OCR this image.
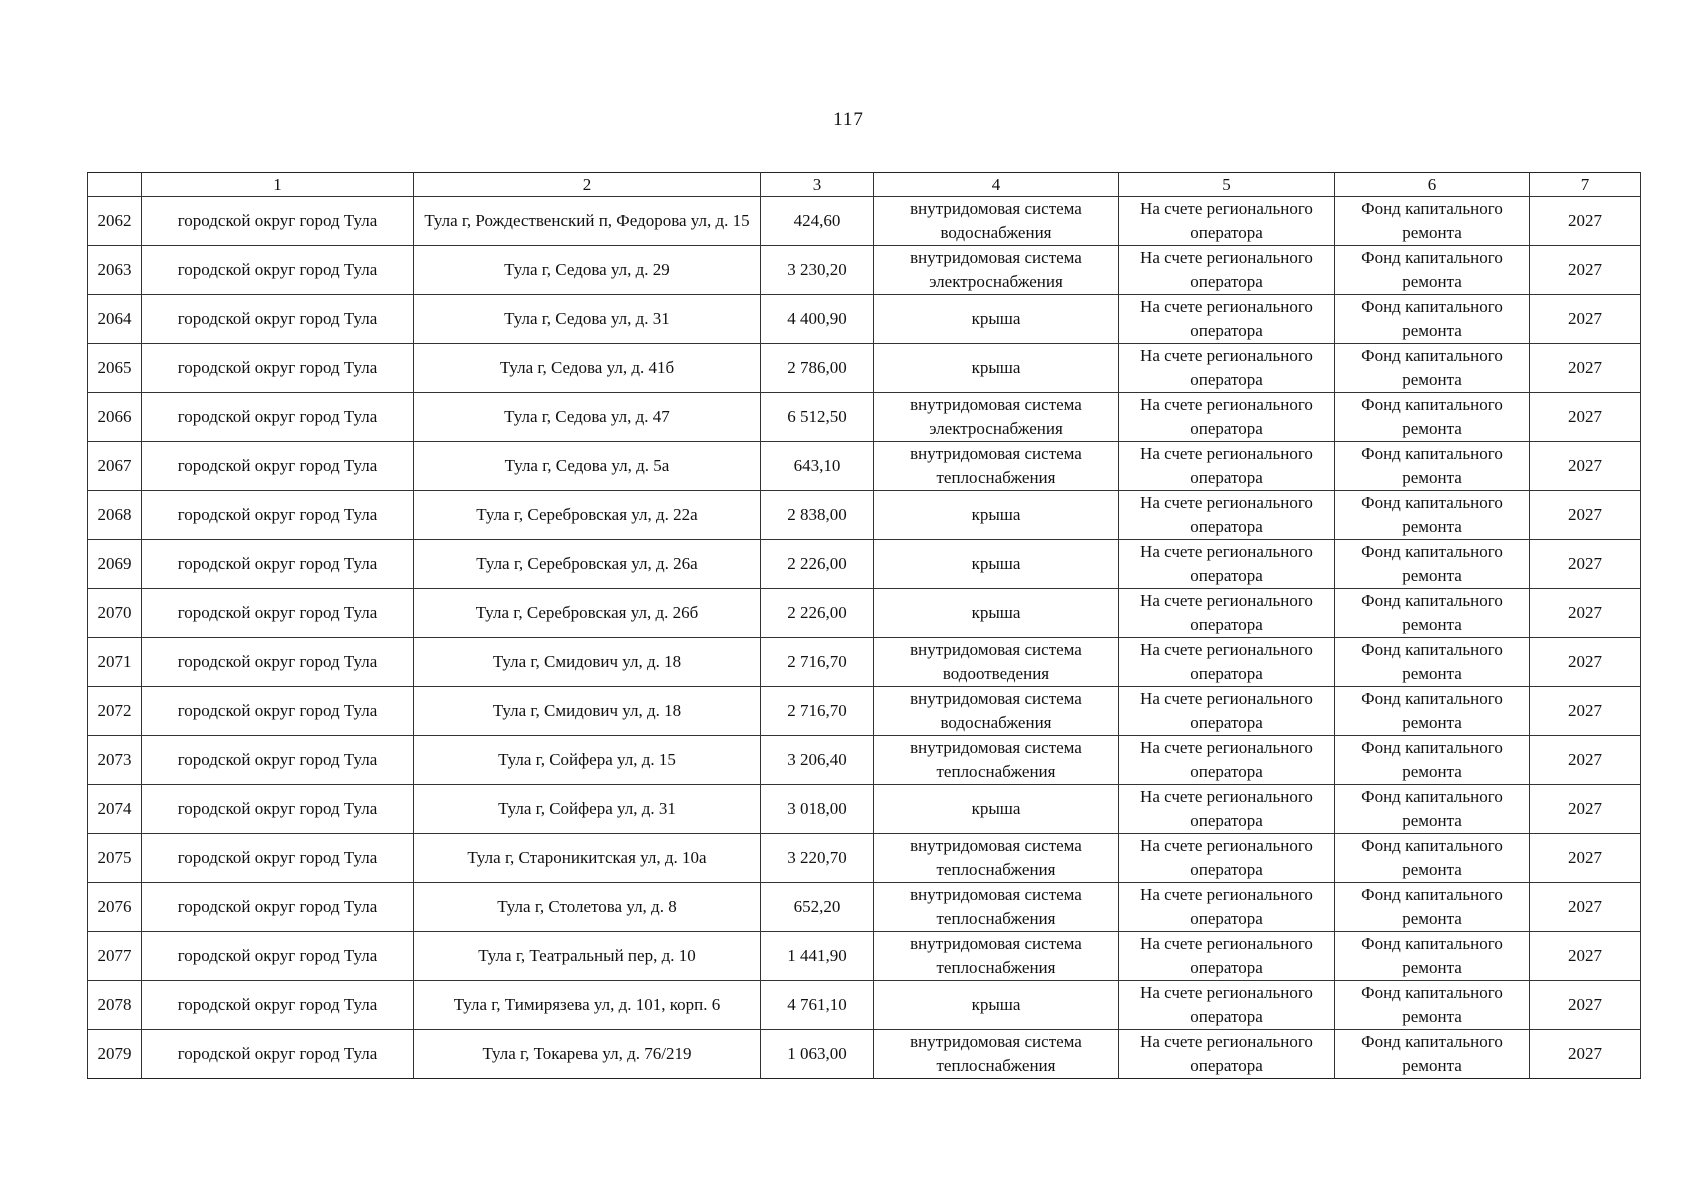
117
	1	2	3	4	5	6	7
2062	городской округ город Тула	Тула г, Рождественский п, Федорова ул, д. 15	424,60	внутридомовая система водоснабжения	На счете регионального оператора	Фонд капитального ремонта	2027
2063	городской округ город Тула	Тула г, Седова ул, д. 29	3 230,20	внутридомовая система электроснабжения	На счете регионального оператора	Фонд капитального ремонта	2027
2064	городской округ город Тула	Тула г, Седова ул, д. 31	4 400,90	крыша	На счете регионального оператора	Фонд капитального ремонта	2027
2065	городской округ город Тула	Тула г, Седова ул, д. 41б	2 786,00	крыша	На счете регионального оператора	Фонд капитального ремонта	2027
2066	городской округ город Тула	Тула г, Седова ул, д. 47	6 512,50	внутридомовая система электроснабжения	На счете регионального оператора	Фонд капитального ремонта	2027
2067	городской округ город Тула	Тула г, Седова ул, д. 5а	643,10	внутридомовая система теплоснабжения	На счете регионального оператора	Фонд капитального ремонта	2027
2068	городской округ город Тула	Тула г, Серебровская ул, д. 22а	2 838,00	крыша	На счете регионального оператора	Фонд капитального ремонта	2027
2069	городской округ город Тула	Тула г, Серебровская ул, д. 26а	2 226,00	крыша	На счете регионального оператора	Фонд капитального ремонта	2027
2070	городской округ город Тула	Тула г, Серебровская ул, д. 26б	2 226,00	крыша	На счете регионального оператора	Фонд капитального ремонта	2027
2071	городской округ город Тула	Тула г, Смидович ул, д. 18	2 716,70	внутридомовая система водоотведения	На счете регионального оператора	Фонд капитального ремонта	2027
2072	городской округ город Тула	Тула г, Смидович ул, д. 18	2 716,70	внутридомовая система водоснабжения	На счете регионального оператора	Фонд капитального ремонта	2027
2073	городской округ город Тула	Тула г, Сойфера ул, д. 15	3 206,40	внутридомовая система теплоснабжения	На счете регионального оператора	Фонд капитального ремонта	2027
2074	городской округ город Тула	Тула г, Сойфера ул, д. 31	3 018,00	крыша	На счете регионального оператора	Фонд капитального ремонта	2027
2075	городской округ город Тула	Тула г, Староникитская ул, д. 10а	3 220,70	внутридомовая система теплоснабжения	На счете регионального оператора	Фонд капитального ремонта	2027
2076	городской округ город Тула	Тула г, Столетова ул, д. 8	652,20	внутридомовая система теплоснабжения	На счете регионального оператора	Фонд капитального ремонта	2027
2077	городской округ город Тула	Тула г, Театральный пер, д. 10	1 441,90	внутридомовая система теплоснабжения	На счете регионального оператора	Фонд капитального ремонта	2027
2078	городской округ город Тула	Тула г, Тимирязева ул, д. 101, корп. 6	4 761,10	крыша	На счете регионального оператора	Фонд капитального ремонта	2027
2079	городской округ город Тула	Тула г, Токарева ул, д. 76/219	1 063,00	внутридомовая система теплоснабжения	На счете регионального оператора	Фонд капитального ремонта	2027
